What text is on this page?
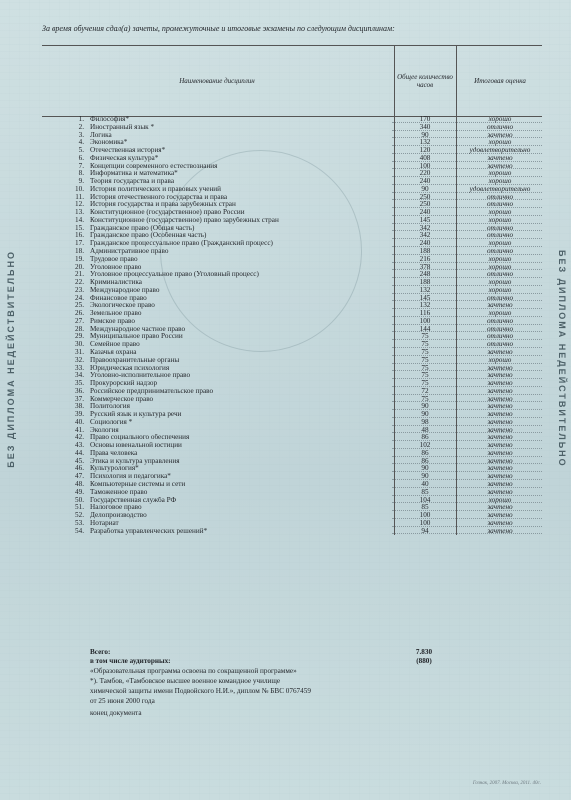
БЕЗ ДИПЛОМА НЕДЕЙСТВИТЕЛЬНО	БЕЗ ДИПЛОМА НЕДЕЙСТВИТЕЛЬНО
За время обучения сдал(а) зачеты, промежуточные и итоговые экзамены по следующим дисциплинам:
Наименование дисциплин	Общее количество часов	Итоговая оценка
1. Философия*	170	хорошо
2. Иностранный язык *	340	отлично
3. Логика	90	зачтено
4. Экономика*	132	хорошо
5. Отечественная история*	120	удовлетворительно
6. Физическая культура*	408	зачтено
7. Концепции современного естествознания	100	зачтено
8. Информатика и математика*	220	хорошо
9. Теория государства и права	240	хорошо
10. История политических и правовых учений	90	удовлетворительно
11. История отечественного государства и права	250	отлично
12. История государства и права зарубежных стран	250	отлично
13. Конституционное (государственное) право России	240	хорошо
14. Конституционное (государственное) право зарубежных стран	145	хорошо
15. Гражданское право (Общая часть)	342	отлично
16. Гражданское право (Особенная часть)	342	отлично
17. Гражданское процессуальное право (Гражданский процесс)	240	хорошо
18. Административное право	188	отлично
19. Трудовое право	216	хорошо
20. Уголовное право	378	хорошо
21. Уголовное процессуальное право (Уголовный процесс)	248	отлично
22. Криминалистика	188	хорошо
23. Международное право	132	хорошо
24. Финансовое право	145	отлично
25. Экологическое право	132	зачтено
26. Земельное право	116	хорошо
27. Римское право	100	отлично
28. Международное частное право	144	отлично
29. Муниципальное право России	75	отлично
30. Семейное право	75	отлично
31. Казачья охрана	75	зачтено
32. Правоохранительные органы	75	хорошо
33. Юридическая психология	75	зачтено
34. Уголовно-исполнительное право	75	зачтено
35. Прокурорский надзор	75	зачтено
36. Российское предпринимательское право	72	зачтено
37. Коммерческое право	75	зачтено
38. Политология	90	зачтено
39. Русский язык и культура речи	90	зачтено
40. Социология *	98	зачтено
41. Экология	48	зачтено
42. Право социального обеспечения	86	зачтено
43. Основы ювенальной юстиции	102	зачтено
44. Права человека	86	зачтено
45. Этика и культура управления	86	зачтено
46. Культурология*	90	зачтено
47. Психология и педагогика*	90	зачтено
48. Компьютерные системы и сети	40	зачтено
49. Таможенное право	85	зачтено
50. Государственная служба РФ	104	хорошо
51. Налоговое право	85	зачтено
52. Делопроизводство	100	зачтено
53. Нотариат	100	зачтено
54. Разработка управленческих решений*	94	зачтено
Всего:	7.830
в том числе аудиторных:	(880)
«Образовательная программа освоена по сокращенной программе»
*). Тамбов, «Тамбовское высшее военное командное училище
химической защиты имени Подвойского Н.И.», диплом № БВС 0767459
от 25 июня 2000 года
конец документа
Гознак, 2007. Москва, 2011. 40с.
